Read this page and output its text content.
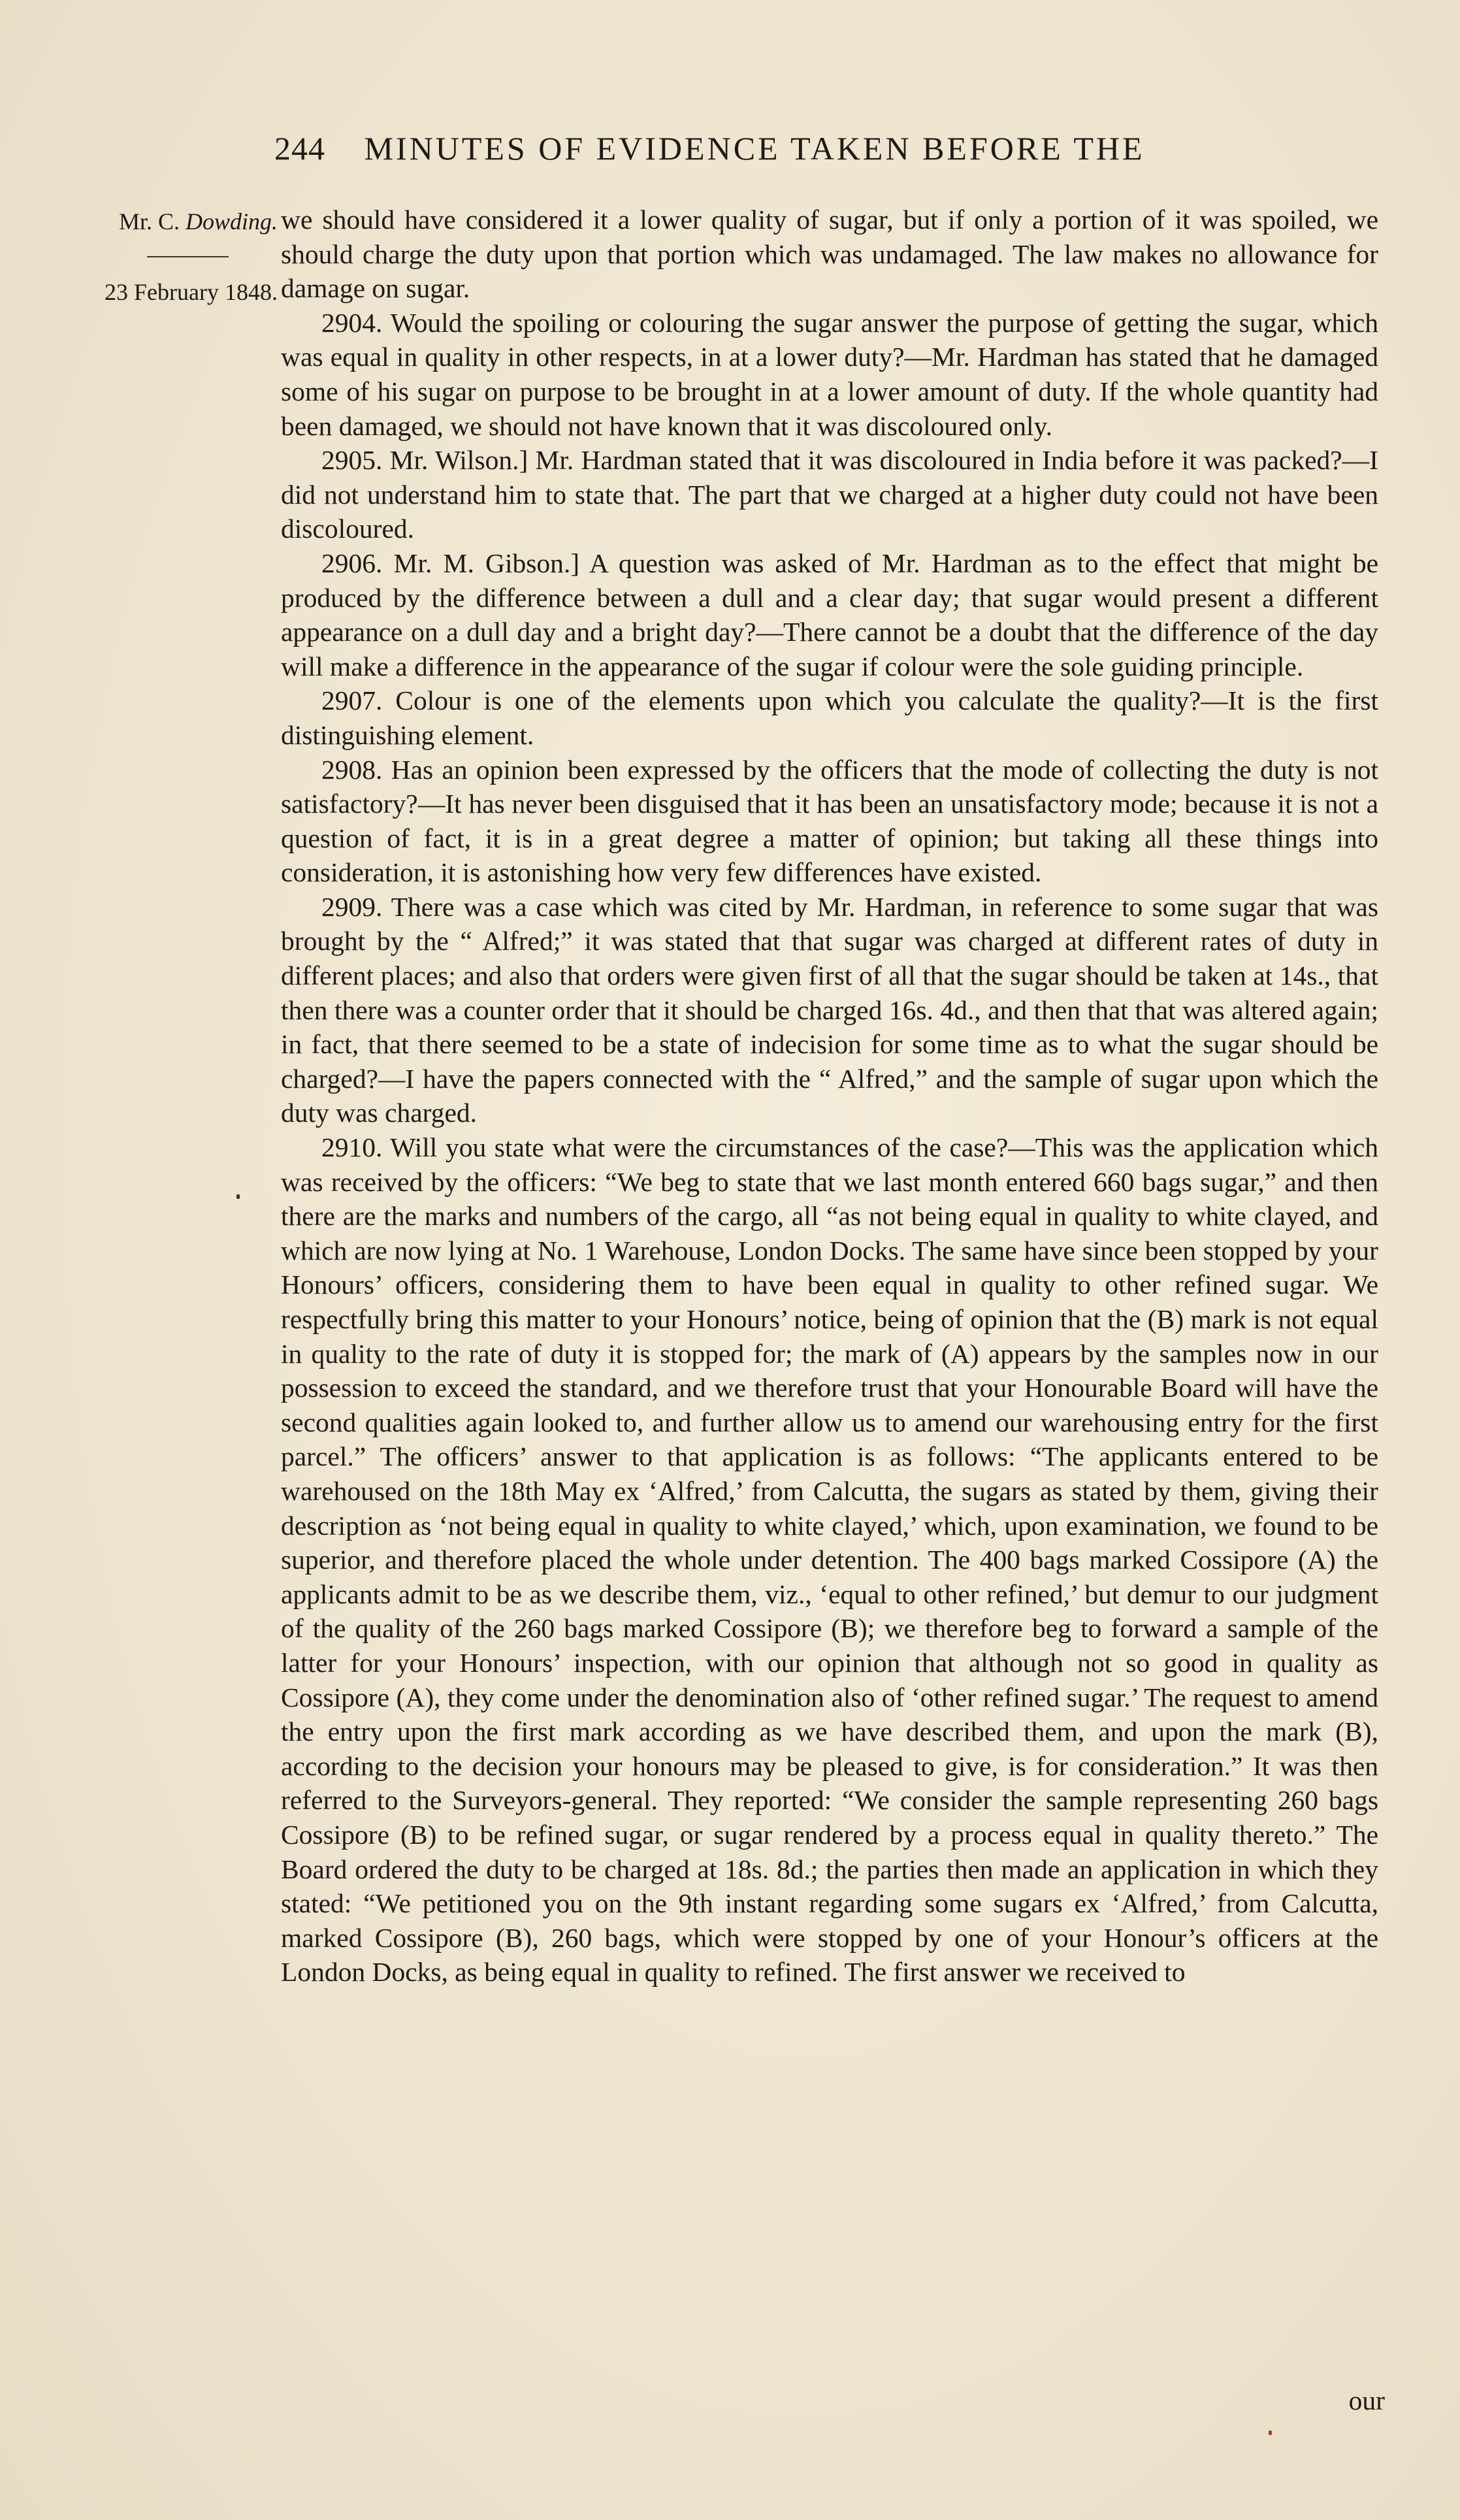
244 MINUTES OF EVIDENCE TAKEN BEFORE THE
Mr. C. Dowding.
23 February 1848.

we should have considered it a lower quality of sugar, but if only a portion of it was spoiled, we should charge the duty upon that portion which was undamaged. The law makes no allowance for damage on sugar.

2904. Would the spoiling or colouring the sugar answer the purpose of getting the sugar, which was equal in quality in other respects, in at a lower duty?—Mr. Hardman has stated that he damaged some of his sugar on purpose to be brought in at a lower amount of duty. If the whole quantity had been damaged, we should not have known that it was discoloured only.

2905. Mr. Wilson.] Mr. Hardman stated that it was discoloured in India before it was packed?—I did not understand him to state that. The part that we charged at a higher duty could not have been discoloured.

2906. Mr. M. Gibson.] A question was asked of Mr. Hardman as to the effect that might be produced by the difference between a dull and a clear day; that sugar would present a different appearance on a dull day and a bright day?—There cannot be a doubt that the difference of the day will make a difference in the appearance of the sugar if colour were the sole guiding principle.

2907. Colour is one of the elements upon which you calculate the quality?—It is the first distinguishing element.

2908. Has an opinion been expressed by the officers that the mode of collecting the duty is not satisfactory?—It has never been disguised that it has been an unsatisfactory mode; because it is not a question of fact, it is in a great degree a matter of opinion; but taking all these things into consideration, it is astonishing how very few differences have existed.

2909. There was a case which was cited by Mr. Hardman, in reference to some sugar that was brought by the “ Alfred;” it was stated that that sugar was charged at different rates of duty in different places; and also that orders were given first of all that the sugar should be taken at 14s., that then there was a counter order that it should be charged 16s. 4d., and then that that was altered again; in fact, that there seemed to be a state of indecision for some time as to what the sugar should be charged?—I have the papers connected with the “ Alfred,” and the sample of sugar upon which the duty was charged.

2910. Will you state what were the circumstances of the case?—This was the application which was received by the officers: “We beg to state that we last month entered 660 bags sugar,” and then there are the marks and numbers of the cargo, all “as not being equal in quality to white clayed, and which are now lying at No. 1 Warehouse, London Docks. The same have since been stopped by your Honours’ officers, considering them to have been equal in quality to other refined sugar. We respectfully bring this matter to your Honours’ notice, being of opinion that the (B) mark is not equal in quality to the rate of duty it is stopped for; the mark of (A) appears by the samples now in our possession to exceed the standard, and we therefore trust that your Honourable Board will have the second qualities again looked to, and further allow us to amend our warehousing entry for the first parcel.” The officers’ answer to that application is as follows: “The applicants entered to be warehoused on the 18th May ex ‘Alfred,’ from Calcutta, the sugars as stated by them, giving their description as ‘not being equal in quality to white clayed,’ which, upon examination, we found to be superior, and therefore placed the whole under detention. The 400 bags marked Cossipore (A) the applicants admit to be as we describe them, viz., ‘equal to other refined,’ but demur to our judgment of the quality of the 260 bags marked Cossipore (B); we therefore beg to forward a sample of the latter for your Honours’ inspection, with our opinion that although not so good in quality as Cossipore (A), they come under the denomination also of ‘other refined sugar.’ The request to amend the entry upon the first mark according as we have described them, and upon the mark (B), according to the decision your honours may be pleased to give, is for consideration.” It was then referred to the Surveyors-general. They reported: “We consider the sample representing 260 bags Cossipore (B) to be refined sugar, or sugar rendered by a process equal in quality thereto.” The Board ordered the duty to be charged at 18s. 8d.; the parties then made an application in which they stated: “We petitioned you on the 9th instant regarding some sugars ex ‘Alfred,’ from Calcutta, marked Cossipore (B), 260 bags, which were stopped by one of your Honour’s officers at the London Docks, as being equal in quality to refined. The first answer we received to

our
